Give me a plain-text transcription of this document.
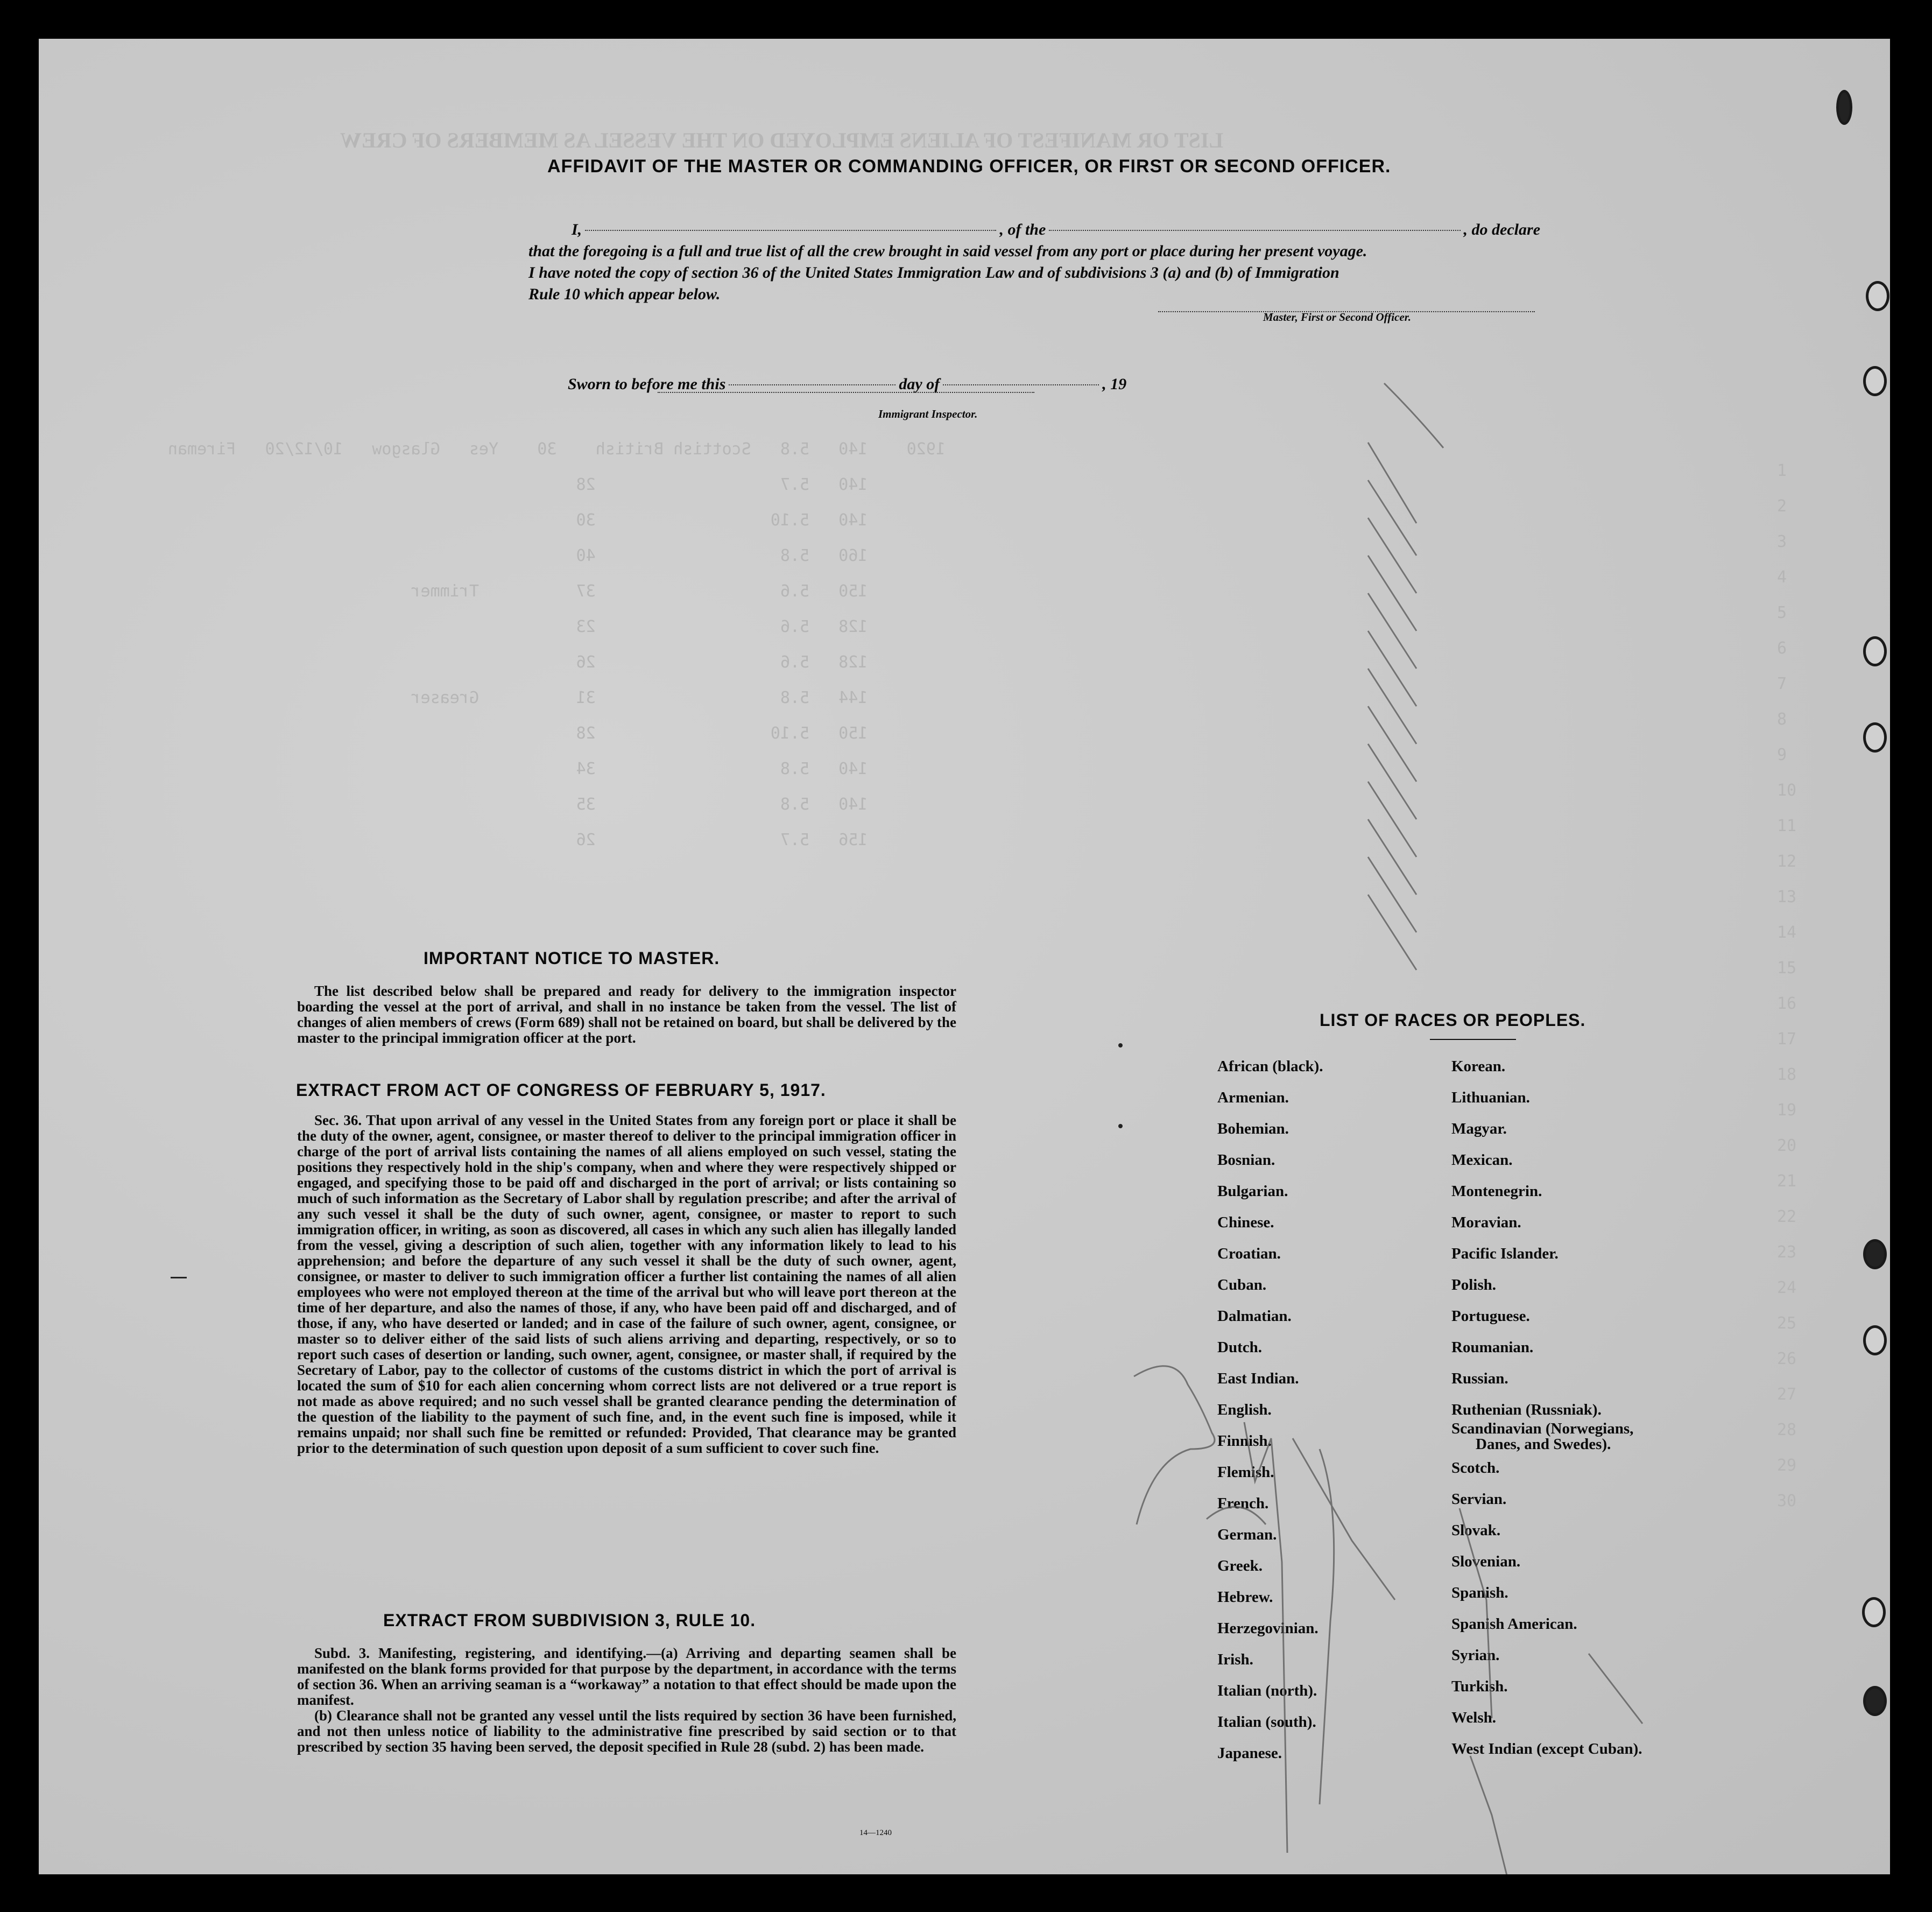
LIST OR MANIFEST OF ALIENS EMPLOYED ON THE VESSEL AS MEMBERS OF CREW
1920    140   5.8   Scottish British    30    Yes   Glasgow   10/12/20   Fireman
140   5.7                   28
140   5.10                  30
160   5.8                   40
150   5.6                   37          Trimmer
128   5.6                   23
128   5.6                   26
144   5.8                   31          Greaser
150   5.10                  28
140   5.8                   34
140   5.8                   35
156   5.7                   26
1
2
3
4
5
6
7
8
9
10
11
12
13
14
15
16
17
18
19
20
21
22
23
24
25
26
27
28
29
30
AFFIDAVIT OF THE MASTER OR COMMANDING OFFICER, OR FIRST OR SECOND OFFICER.
I,	, of the	, do declare
that the foregoing is a full and true list of all the crew brought in said vessel from any port or place during her present voyage.
I have noted the copy of section 36 of the United States Immigration Law and of subdivisions 3 (a) and (b) of Immigration
Rule 10 which appear below.
Master, First or Second Officer.
Sworn to before me this	day of	, 19
Immigrant Inspector.
IMPORTANT NOTICE TO MASTER.

The list described below shall be prepared and ready for delivery to the immigration inspector boarding the vessel at the port of arrival, and shall in no instance be taken from the vessel. The list of changes of alien members of crews (Form 689) shall not be retained on board, but shall be delivered by the master to the principal immigration officer at the port.

EXTRACT FROM ACT OF CONGRESS OF FEBRUARY 5, 1917.

Sec. 36. That upon arrival of any vessel in the United States from any foreign port or place it shall be the duty of the owner, agent, consignee, or master thereof to deliver to the principal immigration officer in charge of the port of arrival lists containing the names of all aliens employed on such vessel, stating the positions they respectively hold in the ship's company, when and where they were respectively shipped or engaged, and specifying those to be paid off and discharged in the port of arrival; or lists containing so much of such information as the Secretary of Labor shall by regulation prescribe; and after the arrival of any such vessel it shall be the duty of such owner, agent, consignee, or master to report to such immigration officer, in writing, as soon as discovered, all cases in which any such alien has illegally landed from the vessel, giving a description of such alien, together with any information likely to lead to his apprehension; and before the departure of any such vessel it shall be the duty of such owner, agent, consignee, or master to deliver to such immigration officer a further list containing the names of all alien employees who were not employed thereon at the time of the arrival but who will leave port thereon at the time of her departure, and also the names of those, if any, who have been paid off and discharged, and of those, if any, who have deserted or landed; and in case of the failure of such owner, agent, consignee, or master so to deliver either of the said lists of such aliens arriving and departing, respectively, or so to report such cases of desertion or landing, such owner, agent, consignee, or master shall, if required by the Secretary of Labor, pay to the collector of customs of the customs district in which the port of arrival is located the sum of $10 for each alien concerning whom correct lists are not delivered or a true report is not made as above required; and no such vessel shall be granted clearance pending the determination of the question of the liability to the payment of such fine, and, in the event such fine is imposed, while it remains unpaid; nor shall such fine be remitted or refunded: Provided, That clearance may be granted prior to the determination of such question upon deposit of a sum sufficient to cover such fine.

EXTRACT FROM SUBDIVISION 3, RULE 10.

Subd. 3. Manifesting, registering, and identifying.—(a) Arriving and departing seamen shall be manifested on the blank forms provided for that purpose by the department, in accordance with the terms of section 36. When an arriving seaman is a “workaway” a notation to that effect should be made upon the manifest.

(b) Clearance shall not be granted any vessel until the lists required by section 36 have been furnished, and not then unless notice of liability to the administrative fine prescribed by said section or to that prescribed by section 35 having been served, the deposit specified in Rule 28 (subd. 2) has been made.

14—1240
LIST OF RACES OR PEOPLES.
African (black).
Armenian.
Bohemian.
Bosnian.
Bulgarian.
Chinese.
Croatian.
Cuban.
Dalmatian.
Dutch.
East Indian.
English.
Finnish.
Flemish.
French.
German.
Greek.
Hebrew.
Herzegovinian.
Irish.
Italian (north).
Italian (south).
Japanese.
Korean.
Lithuanian.
Magyar.
Mexican.
Montenegrin.
Moravian.
Pacific Islander.
Polish.
Portuguese.
Roumanian.
Russian.
Ruthenian (Russniak).
Scandinavian (Norwegians,
Danes, and Swedes).
Scotch.
Servian.
Slovak.
Slovenian.
Spanish.
Spanish American.
Syrian.
Turkish.
Welsh.
West Indian (except Cuban).
